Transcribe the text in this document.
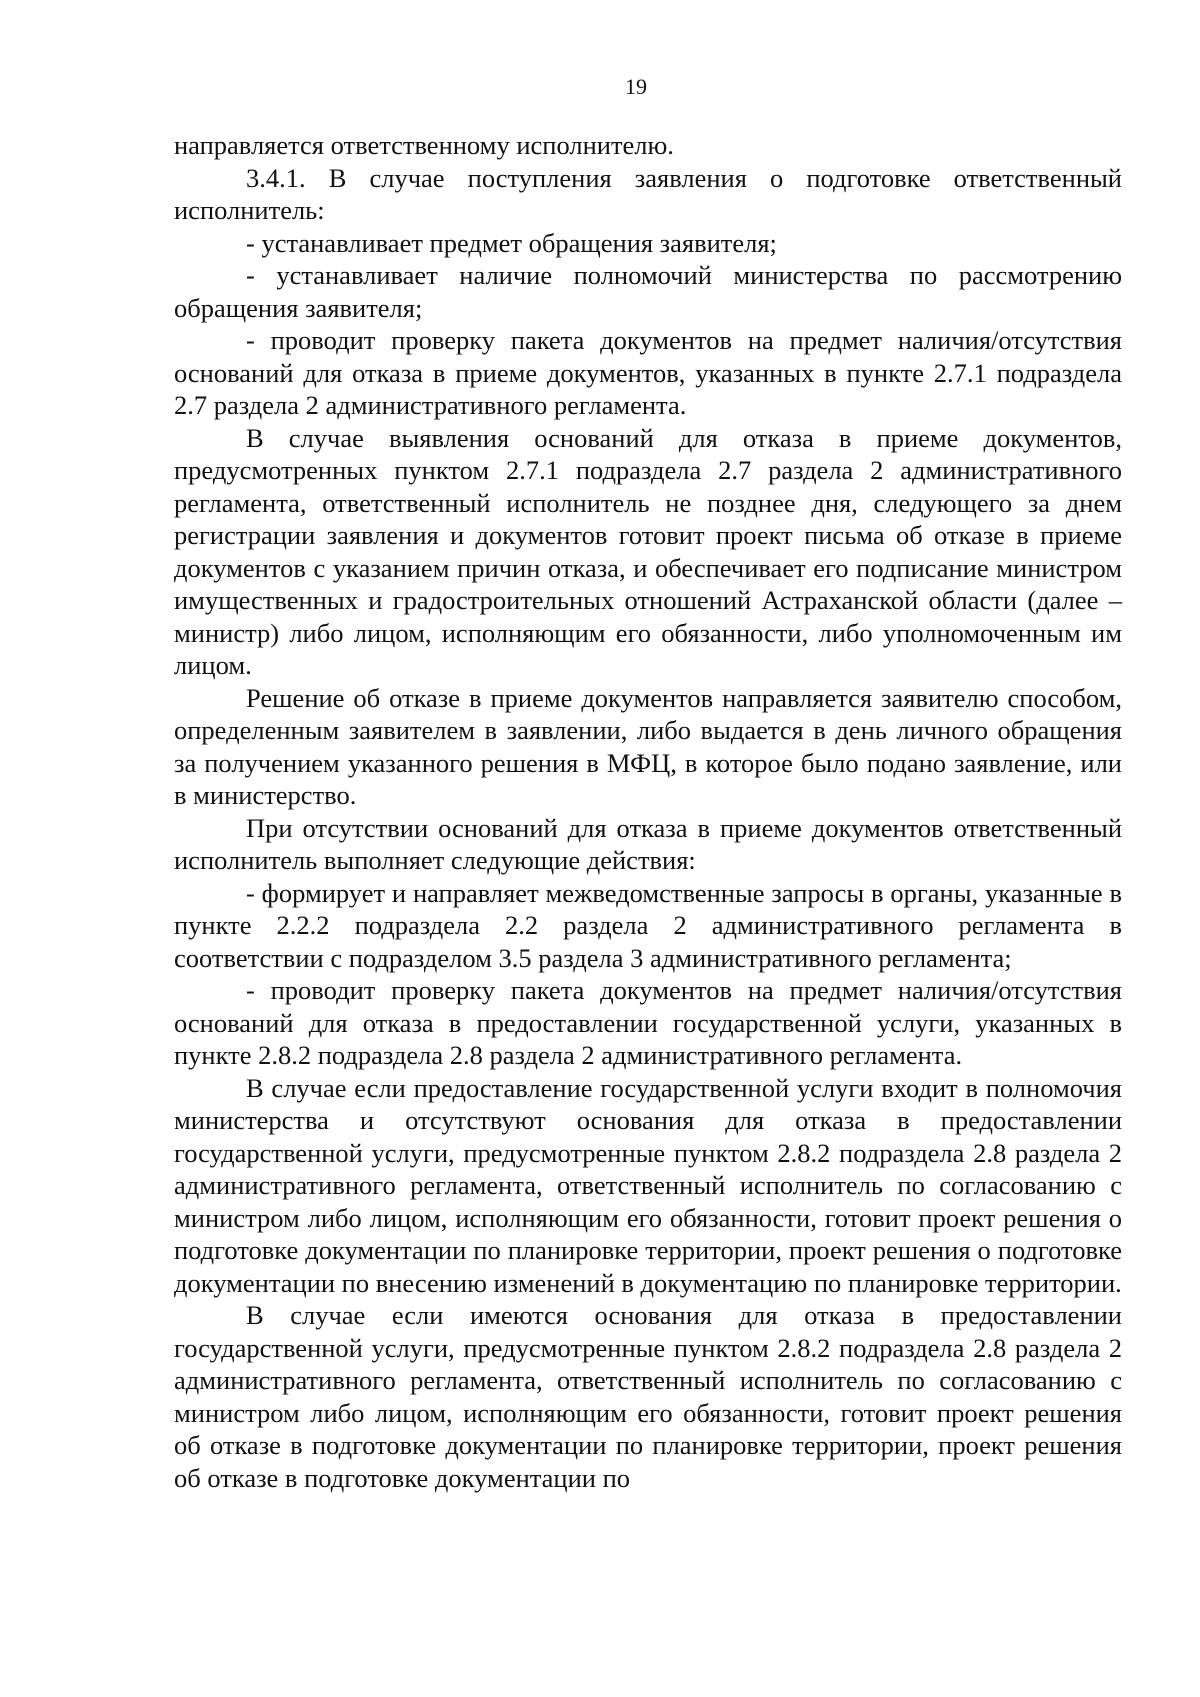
19

направляется ответственному исполнителю.

3.4.1. В случае поступления заявления о подготовке ответственный исполнитель:

- устанавливает предмет обращения заявителя;

- устанавливает наличие полномочий министерства по рассмотрению обращения заявителя;

- проводит проверку пакета документов на предмет наличия/отсутствия оснований для отказа в приеме документов, указанных в пункте 2.7.1 подраздела 2.7 раздела 2 административного регламента.

В случае выявления оснований для отказа в приеме документов, предусмотренных пунктом 2.7.1 подраздела 2.7 раздела 2 административного регламента, ответственный исполнитель не позднее дня, следующего за днем регистрации заявления и документов готовит проект письма об отказе в приеме документов с указанием причин отказа, и обеспечивает его подписание министром имущественных и градостроительных отношений Астраханской области (далее – министр) либо лицом, исполняющим его обязанности, либо уполномоченным им лицом.

Решение об отказе в приеме документов направляется заявителю способом, определенным заявителем в заявлении, либо выдается в день личного обращения за получением указанного решения в МФЦ, в которое было подано заявление, или в министерство.

При отсутствии оснований для отказа в приеме документов ответственный исполнитель выполняет следующие действия:

- формирует и направляет межведомственные запросы в органы, указанные в пункте 2.2.2 подраздела 2.2 раздела 2 административного регламента в соответствии с подразделом 3.5 раздела 3 административного регламента;

- проводит проверку пакета документов на предмет наличия/отсутствия оснований для отказа в предоставлении государственной услуги, указанных в пункте 2.8.2 подраздела 2.8 раздела 2 административного регламента.

В случае если предоставление государственной услуги входит в полномочия министерства и отсутствуют основания для отказа в предоставлении государственной услуги, предусмотренные пунктом 2.8.2 подраздела 2.8 раздела 2 административного регламента, ответственный исполнитель по согласованию с министром либо лицом, исполняющим его обязанности, готовит проект решения о подготовке документации по планировке территории, проект решения о подготовке документации по внесению изменений в документацию по планировке территории.

В случае если имеются основания для отказа в предоставлении государственной услуги, предусмотренные пунктом 2.8.2 подраздела 2.8 раздела 2 административного регламента, ответственный исполнитель по согласованию с министром либо лицом, исполняющим его обязанности, готовит проект решения об отказе в подготовке документации по планировке территории, проект решения об отказе в подготовке документации по
